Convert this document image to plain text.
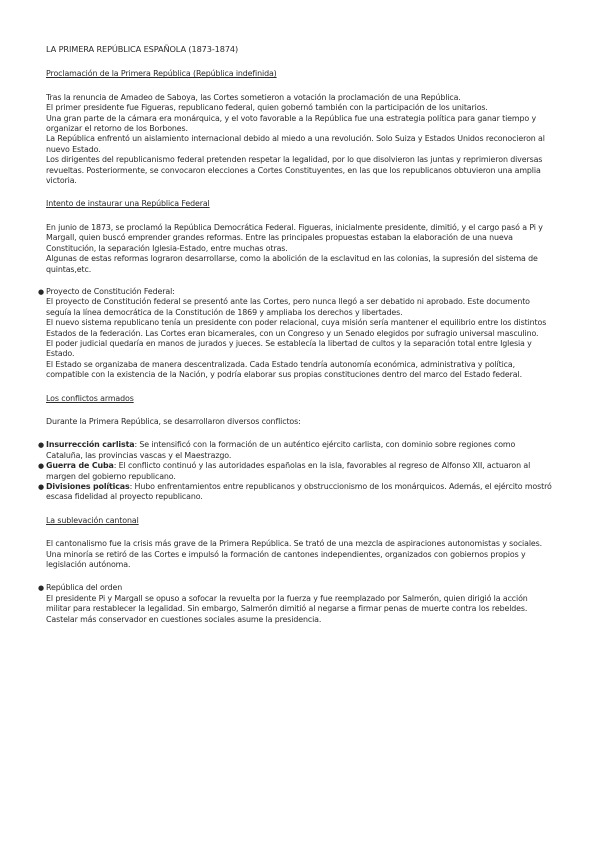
LA PRIMERA REPÚBLICA ESPAÑOLA (1873-1874)
Proclamación de la Primera República (República indefinida)

Tras la renuncia de Amadeo de Saboya, las Cortes sometieron a votación la proclamación de una República.

El primer presidente fue Figueras, republicano federal, quien gobernó también con la participación de los unitarios.

Una gran parte de la cámara era monárquica, y el voto favorable a la República fue una estrategia política para ganar tiempo y organizar el retorno de los Borbones.

La República enfrentó un aislamiento internacional debido al miedo a una revolución. Solo Suiza y Estados Unidos reconocieron al nuevo Estado.

Los dirigentes del republicanismo federal pretenden respetar la legalidad, por lo que disolvieron las juntas y reprimieron diversas revueltas. Posteriormente, se convocaron elecciones a Cortes Constituyentes, en las que los republicanos obtuvieron una amplia victoria.

Intento de instaurar una República Federal

En junio de 1873, se proclamó la República Democrática Federal. Figueras, inicialmente presidente, dimitió, y el cargo pasó a Pi y Margall, quien buscó emprender grandes reformas. Entre las principales propuestas estaban la elaboración de una nueva Constitución, la separación Iglesia-Estado, entre muchas otras.

Algunas de estas reformas lograron desarrollarse, como la abolición de la esclavitud en las colonias, la supresión del sistema de quintas,etc.

● Proyecto de Constitución Federal:
El proyecto de Constitución federal se presentó ante las Cortes, pero nunca llegó a ser debatido ni aprobado. Este documento seguía la línea democrática de la Constitución de 1869 y ampliaba los derechos y libertades.
El nuevo sistema republicano tenía un presidente con poder relacional, cuya misión sería mantener el equilibrio entre los distintos Estados de la federación. Las Cortes eran bicamerales, con un Congreso y un Senado elegidos por sufragio universal masculino.
El poder judicial quedaría en manos de jurados y jueces. Se establecía la libertad de cultos y la separación total entre Iglesia y Estado.
El Estado se organizaba de manera descentralizada. Cada Estado tendría autonomía económica, administrativa y política, compatible con la existencia de la Nación, y podría elaborar sus propias constituciones dentro del marco del Estado federal.
Los conflictos armados

Durante la Primera República, se desarrollaron diversos conflictos:

● Insurrección carlista: Se intensificó con la formación de un auténtico ejército carlista, con dominio sobre regiones como Cataluña, las provincias vascas y el Maestrazgo.
● Guerra de Cuba: El conflicto continuó y las autoridades españolas en la isla, favorables al regreso de Alfonso XII, actuaron al margen del gobierno republicano.
● Divisiones políticas: Hubo enfrentamientos entre republicanos y obstruccionismo de los monárquicos. Además, el ejército mostró escasa fidelidad al proyecto republicano.
La sublevación cantonal

El cantonalismo fue la crisis más grave de la Primera República. Se trató de una mezcla de aspiraciones autonomistas y sociales. Una minoría se retiró de las Cortes e impulsó la formación de cantones independientes, organizados con gobiernos propios y legislación autónoma.

● República del orden
El presidente Pi y Margall se opuso a sofocar la revuelta por la fuerza y fue reemplazado por Salmerón, quien dirigió la acción militar para restablecer la legalidad. Sin embargo, Salmerón dimitió al negarse a firmar penas de muerte contra los rebeldes.
Castelar más conservador en cuestiones sociales asume la presidencia.
